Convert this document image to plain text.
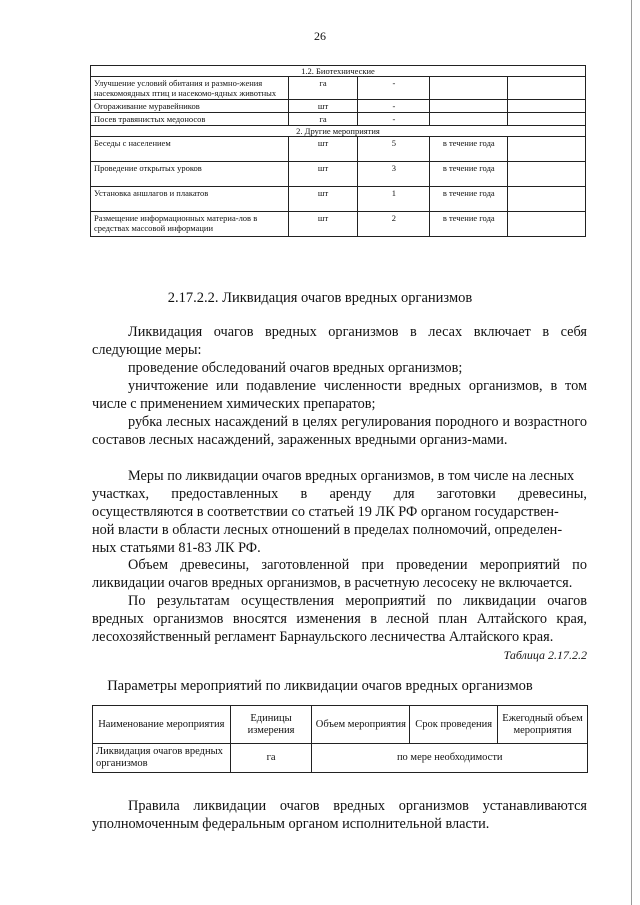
26
1.2. Биотехнические				
Улучшение условий обитания и размно-жения насекомоядных птиц и насекомо-ядных животных	га	-		
Огораживание муравейников	шт	-		
Посев травянистых медоносов	га	-		
2. Другие мероприятия				
Беседы с населением	шт	5	в течение года	
Проведение открытых уроков	шт	3	в течение года	
Установка аншлагов и плакатов	шт	1	в течение года	
Размещение информационных материа-лов в средствах массовой информации	шт	2	в течение года	
2.17.2.2. Ликвидация очагов вредных организмов

Ликвидация очагов вредных организмов в лесах включает в себя следующие меры:

проведение обследований очагов вредных организмов;

уничтожение или подавление численности вредных организмов, в том числе с применением химических препаратов;

рубка лесных насаждений в целях регулирования породного и возрастного составов лесных насаждений, зараженных вредными организ-мами.

Меры по ликвидации очагов вредных организмов, в том числе на лесных
участках, предоставленных в аренду для заготовки древесины,
осуществляются в соответствии со статьей 19 ЛК РФ органом государствен-
ной власти в области лесных отношений в пределах полномочий, определен-
ных статьями 81-83 ЛК РФ.

Объем древесины, заготовленной при проведении мероприятий по ликвидации очагов вредных организмов, в расчетную лесосеку не включается.

По результатам осуществления мероприятий по ликвидации очагов вредных организмов вносятся изменения в лесной план Алтайского края, лесохозяйственный регламент Барнаульского лесничества Алтайского края.

Таблица 2.17.2.2
Параметры мероприятий по ликвидации очагов вредных организмов
Наименование мероприятия	Единицы измерения	Объем мероприятия	Срок проведения	Ежегодный объем мероприятия
Ликвидация очагов вредных организмов	га	по мере необходимости		

Правила ликвидации очагов вредных организмов устанавливаются уполномоченным федеральным органом исполнительной власти.
